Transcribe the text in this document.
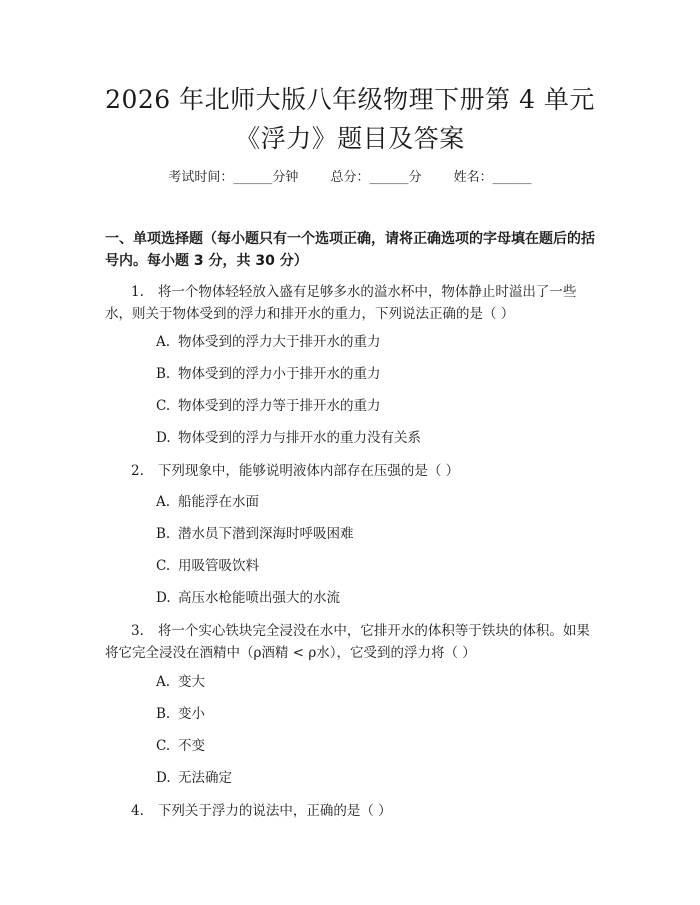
2026 年北师大版八年级物理下册第 4 单元
《浮力》题目及答案
考试时间：______分钟 总分：______分 姓名：______
一、单项选择题（每小题只有一个选项正确，请将正确选项的字母填在题后的括号内。每小题 3 分，共 30 分）
1. 将一个物体轻轻放入盛有足够多水的溢水杯中，物体静止时溢出了一些水，则关于物体受到的浮力和排开水的重力，下列说法正确的是（ ）
A. 物体受到的浮力大于排开水的重力
B. 物体受到的浮力小于排开水的重力
C. 物体受到的浮力等于排开水的重力
D. 物体受到的浮力与排开水的重力没有关系
2. 下列现象中，能够说明液体内部存在压强的是（ ）
A. 船能浮在水面
B. 潜水员下潜到深海时呼吸困难
C. 用吸管吸饮料
D. 高压水枪能喷出强大的水流
3. 将一个实心铁块完全浸没在水中，它排开水的体积等于铁块的体积。如果将它完全浸没在酒精中（ρ酒精 < ρ水），它受到的浮力将（ ）
A. 变大
B. 变小
C. 不变
D. 无法确定
4. 下列关于浮力的说法中，正确的是（ ）
